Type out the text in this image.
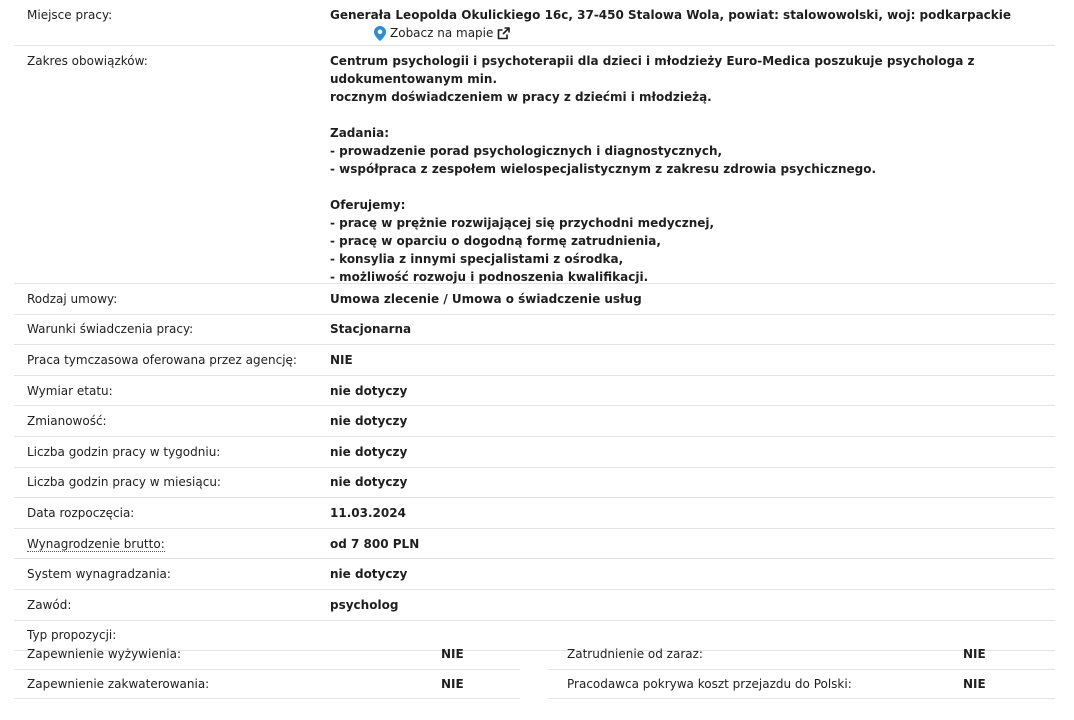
Miejsce pracy:	Generała Leopolda Okulickiego 16c, 37-450 Stalowa Wola, powiat: stalowowolski, woj: podkarpackie
Zobacz na mapie
Zakres obowiązków:	Centrum psychologii i psychoterapii dla dzieci i młodzieży Euro-Medica poszukuje psychologa z udokumentowanym min.
rocznym doświadczeniem w pracy z dziećmi i młodzieżą.

Zadania:
- prowadzenie porad psychologicznych i diagnostycznych,
- współpraca z zespołem wielospecjalistycznym z zakresu zdrowia psychicznego.

Oferujemy:
- pracę w prężnie rozwijającej się przychodni medycznej,
- pracę w oparciu o dogodną formę zatrudnienia,
- konsylia z innymi specjalistami z ośrodka,
- możliwość rozwoju i podnoszenia kwalifikacji.
Rodzaj umowy:	Umowa zlecenie / Umowa o świadczenie usług
Warunki świadczenia pracy:	Stacjonarna
Praca tymczasowa oferowana przez agencję:	NIE
Wymiar etatu:	nie dotyczy
Zmianowość:	nie dotyczy
Liczba godzin pracy w tygodniu:	nie dotyczy
Liczba godzin pracy w miesiącu:	nie dotyczy
Data rozpoczęcia:	11.03.2024
Wynagrodzenie brutto:	od 7 800 PLN
System wynagradzania:	nie dotyczy
Zawód:	psycholog
Typ propozycji:
Zapewnienie wyżywienia:	NIE	Zatrudnienie od zaraz:	NIE
Zapewnienie zakwaterowania:	NIE	Pracodawca pokrywa koszt przejazdu do Polski:	NIE
